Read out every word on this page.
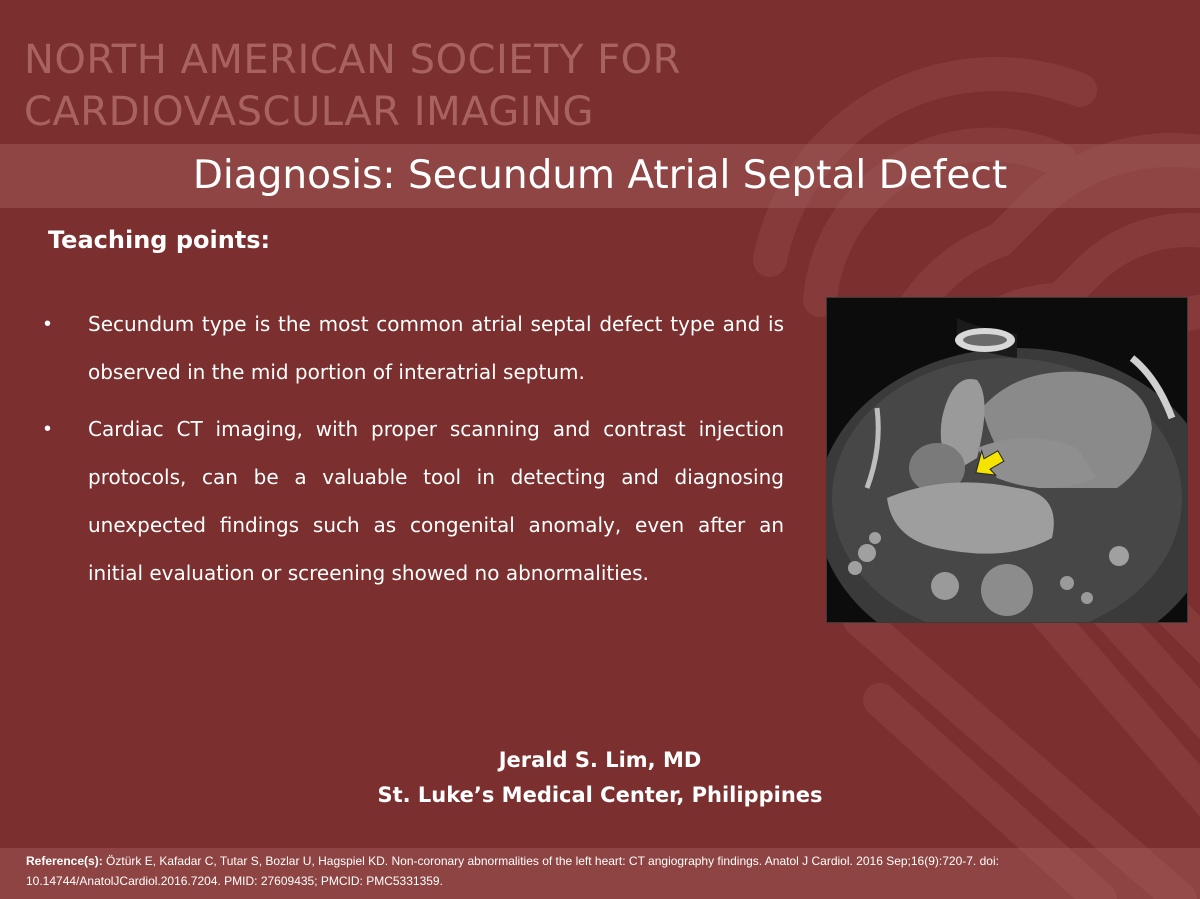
NORTH AMERICAN SOCIETY FOR
CARDIOVASCULAR IMAGING
Diagnosis: Secundum Atrial Septal Defect
Teaching points:
• Secundum type is the most common atrial septal defect type and is observed in the mid portion of interatrial septum.
• Cardiac CT imaging, with proper scanning and contrast injection protocols, can be a valuable tool in detecting and diagnosing unexpected findings such as congenital anomaly, even after an initial evaluation or screening showed no abnormalities.
Jerald S. Lim, MD
St. Luke’s Medical Center, Philippines
Reference(s): Öztürk E, Kafadar C, Tutar S, Bozlar U, Hagspiel KD. Non-coronary abnormalities of the left heart: CT angiography findings. Anatol J Cardiol. 2016 Sep;16(9):720-7. doi: 10.14744/AnatolJCardiol.2016.7204. PMID: 27609435; PMCID: PMC5331359.
